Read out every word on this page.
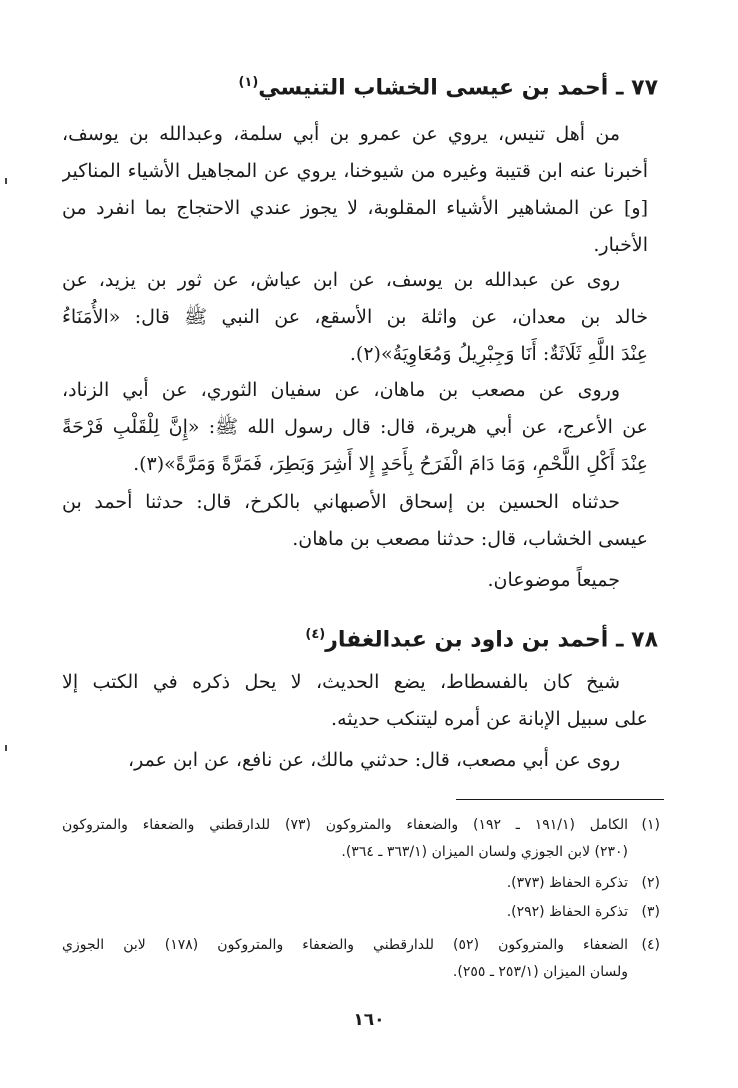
٧٧ ـ أحمد بن عيسى الخشاب التنيسي$^{(١)}$
من أهل تنيس، يروي عن عمرو بن أبي سلمة، وعبدالله بن يوسف،
أخبرنا عنه ابن قتيبة وغيره من شيوخنا، يروي عن المجاهيل الأشياء المناكير
[و] عن المشاهير الأشياء المقلوبة، لا يجوز عندي الاحتجاج بما انفرد من
الأخبار.
روى عن عبدالله بن يوسف، عن ابن عياش، عن ثور بن يزيد، عن
خالد بن معدان، عن واثلة بن الأسقع، عن النبي ﷺ قال: «الأُمَنَاءُ
عِنْدَ اللَّهِ ثَلَاثَةٌ: أَنَا وَجِبْرِيلُ وَمُعَاوِيَةُ»(٢).
وروى عن مصعب بن ماهان، عن سفيان الثوري، عن أبي الزناد،
عن الأعرج، عن أبي هريرة، قال: قال رسول الله ﷺ: «إِنَّ لِلْقَلْبِ فَرْحَةً
عِنْدَ أَكْلِ اللَّحْمِ، وَمَا دَامَ الْفَرَحُ بِأَحَدٍ إِلا أَشِرَ وَبَطِرَ، فَمَرَّةً وَمَرَّةً»(٣).
حدثناه الحسين بن إسحاق الأصبهاني بالكرخ، قال: حدثنا أحمد بن
عيسى الخشاب، قال: حدثنا مصعب بن ماهان.
جميعاً موضوعان.
٧٨ ـ أحمد بن داود بن عبدالغفار$^{(٤)}$
شيخ كان بالفسطاط، يضع الحديث، لا يحل ذكره في الكتب إلا
على سبيل الإبانة عن أمره ليتنكب حديثه.
روى عن أبي مصعب، قال: حدثني مالك، عن نافع، عن ابن عمر،
(١)
الكامل (١٩١/١ ـ ١٩٢) والضعفاء والمتروكون (٧٣) للدارقطني والضعفاء والمتروكون
(٢٣٠) لابن الجوزي ولسان الميزان (٣٦٣/١ ـ ٣٦٤).
(٢)
تذكرة الحفاظ (٣٧٣).
(٣)
تذكرة الحفاظ (٢٩٢).
(٤)
الضعفاء والمتروكون (٥٢) للدارقطني والضعفاء والمتروكون (١٧٨) لابن الجوزي
ولسان الميزان (٢٥٣/١ ـ ٢٥٥).
١٦٠
